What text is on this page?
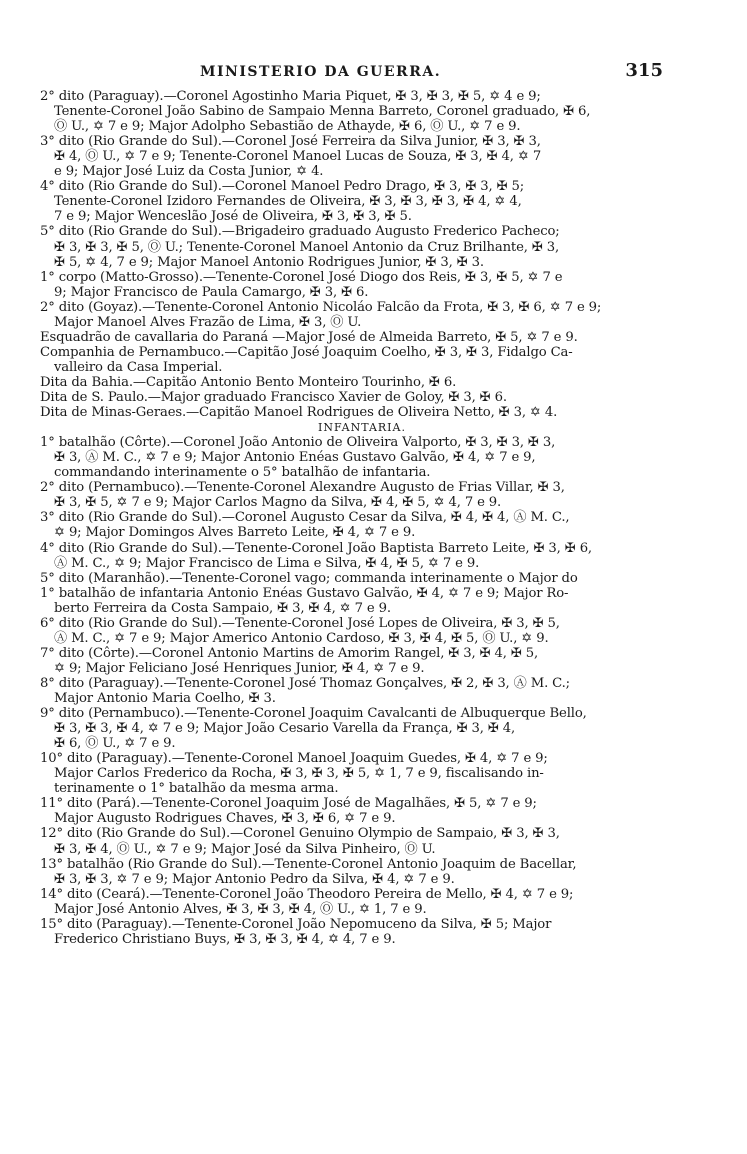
MINISTERIO DA GUERRA.	315
2° dito (Paraguay).—Coronel Agostinho Maria Piquet, ✠ 3, ✠ 3, ✠ 5, ✡ 4 e 9;
Tenente-Coronel João Sabino de Sampaio Menna Barreto, Coronel graduado, ✠ 6,
Ⓞ U., ✡ 7 e 9; Major Adolpho Sebastião de Athayde, ✠ 6, Ⓞ U., ✡ 7 e 9.
3° dito (Rio Grande do Sul).—Coronel José Ferreira da Silva Junior, ✠ 3, ✠ 3,
✠ 4, Ⓞ U., ✡ 7 e 9; Tenente-Coronel Manoel Lucas de Souza, ✠ 3, ✠ 4, ✡ 7
e 9; Major José Luiz da Costa Junior, ✡ 4.
4° dito (Rio Grande do Sul).—Coronel Manoel Pedro Drago, ✠ 3, ✠ 3, ✠ 5;
Tenente-Coronel Izidoro Fernandes de Oliveira, ✠ 3, ✠ 3, ✠ 3, ✠ 4, ✡ 4,
7 e 9; Major Wenceslão José de Oliveira, ✠ 3, ✠ 3, ✠ 5.
5° dito (Rio Grande do Sul).—Brigadeiro graduado Augusto Frederico Pacheco;
✠ 3, ✠ 3, ✠ 5, Ⓞ U.; Tenente-Coronel Manoel Antonio da Cruz Brilhante, ✠ 3,
✠ 5, ✡ 4, 7 e 9; Major Manoel Antonio Rodrigues Junior, ✠ 3, ✠ 3.
1° corpo (Matto-Grosso).—Tenente-Coronel José Diogo dos Reis, ✠ 3, ✠ 5, ✡ 7 e
9; Major Francisco de Paula Camargo, ✠ 3, ✠ 6.
2° dito (Goyaz).—Tenente-Coronel Antonio Nicoláo Falcão da Frota, ✠ 3, ✠ 6, ✡ 7 e 9;
Major Manoel Alves Frazão de Lima, ✠ 3, Ⓞ U.
Esquadrão de cavallaria do Paraná —Major José de Almeida Barreto, ✠ 5, ✡ 7 e 9.
Companhia de Pernambuco.—Capitão José Joaquim Coelho, ✠ 3, ✠ 3, Fidalgo Ca-
valleiro da Casa Imperial.
Dita da Bahia.—Capitão Antonio Bento Monteiro Tourinho, ✠ 6.
Dita de S. Paulo.—Major graduado Francisco Xavier de Goloy, ✠ 3, ✠ 6.
Dita de Minas-Geraes.—Capitão Manoel Rodrigues de Oliveira Netto, ✠ 3, ✡ 4.
INFANTARIA.
1° batalhão (Côrte).—Coronel João Antonio de Oliveira Valporto, ✠ 3, ✠ 3, ✠ 3,
✠ 3, Ⓐ M. C., ✡ 7 e 9; Major Antonio Enéas Gustavo Galvão, ✠ 4, ✡ 7 e 9,
commandando interinamente o 5° batalhão de infantaria.
2° dito (Pernambuco).—Tenente-Coronel Alexandre Augusto de Frias Villar, ✠ 3,
✠ 3, ✠ 5, ✡ 7 e 9; Major Carlos Magno da Silva, ✠ 4, ✠ 5, ✡ 4, 7 e 9.
3° dito (Rio Grande do Sul).—Coronel Augusto Cesar da Silva, ✠ 4, ✠ 4, Ⓐ M. C.,
✡ 9; Major Domingos Alves Barreto Leite, ✠ 4, ✡ 7 e 9.
4° dito (Rio Grande do Sul).—Tenente-Coronel João Baptista Barreto Leite, ✠ 3, ✠ 6,
Ⓐ M. C., ✡ 9; Major Francisco de Lima e Silva, ✠ 4, ✠ 5, ✡ 7 e 9.
5° dito (Maranhão).—Tenente-Coronel vago; commanda interinamente o Major do
1° batalhão de infantaria Antonio Enéas Gustavo Galvão, ✠ 4, ✡ 7 e 9; Major Ro-
berto Ferreira da Costa Sampaio, ✠ 3, ✠ 4, ✡ 7 e 9.
6° dito (Rio Grande do Sul).—Tenente-Coronel José Lopes de Oliveira, ✠ 3, ✠ 5,
Ⓐ M. C., ✡ 7 e 9; Major Americo Antonio Cardoso, ✠ 3, ✠ 4, ✠ 5, Ⓞ U., ✡ 9.
7° dito (Côrte).—Coronel Antonio Martins de Amorim Rangel, ✠ 3, ✠ 4, ✠ 5,
✡ 9; Major Feliciano José Henriques Junior, ✠ 4, ✡ 7 e 9.
8° dito (Paraguay).—Tenente-Coronel José Thomaz Gonçalves, ✠ 2, ✠ 3, Ⓐ M. C.;
Major Antonio Maria Coelho, ✠ 3.
9° dito (Pernambuco).—Tenente-Coronel Joaquim Cavalcanti de Albuquerque Bello,
✠ 3, ✠ 3, ✠ 4, ✡ 7 e 9; Major João Cesario Varella da França, ✠ 3, ✠ 4,
✠ 6, Ⓞ U., ✡ 7 e 9.
10° dito (Paraguay).—Tenente-Coronel Manoel Joaquim Guedes, ✠ 4, ✡ 7 e 9;
Major Carlos Frederico da Rocha, ✠ 3, ✠ 3, ✠ 5, ✡ 1, 7 e 9, fiscalisando in-
terinamente o 1° batalhão da mesma arma.
11° dito (Pará).—Tenente-Coronel Joaquim José de Magalhães, ✠ 5, ✡ 7 e 9;
Major Augusto Rodrigues Chaves, ✠ 3, ✠ 6, ✡ 7 e 9.
12° dito (Rio Grande do Sul).—Coronel Genuino Olympio de Sampaio, ✠ 3, ✠ 3,
✠ 3, ✠ 4, Ⓞ U., ✡ 7 e 9; Major José da Silva Pinheiro, Ⓞ U.
13° batalhão (Rio Grande do Sul).—Tenente-Coronel Antonio Joaquim de Bacellar,
✠ 3, ✠ 3, ✡ 7 e 9; Major Antonio Pedro da Silva, ✠ 4, ✡ 7 e 9.
14° dito (Ceará).—Tenente-Coronel João Theodoro Pereira de Mello, ✠ 4, ✡ 7 e 9;
Major José Antonio Alves, ✠ 3, ✠ 3, ✠ 4, Ⓞ U., ✡ 1, 7 e 9.
15° dito (Paraguay).—Tenente-Coronel João Nepomuceno da Silva, ✠ 5; Major
Frederico Christiano Buys, ✠ 3, ✠ 3, ✠ 4, ✡ 4, 7 e 9.
